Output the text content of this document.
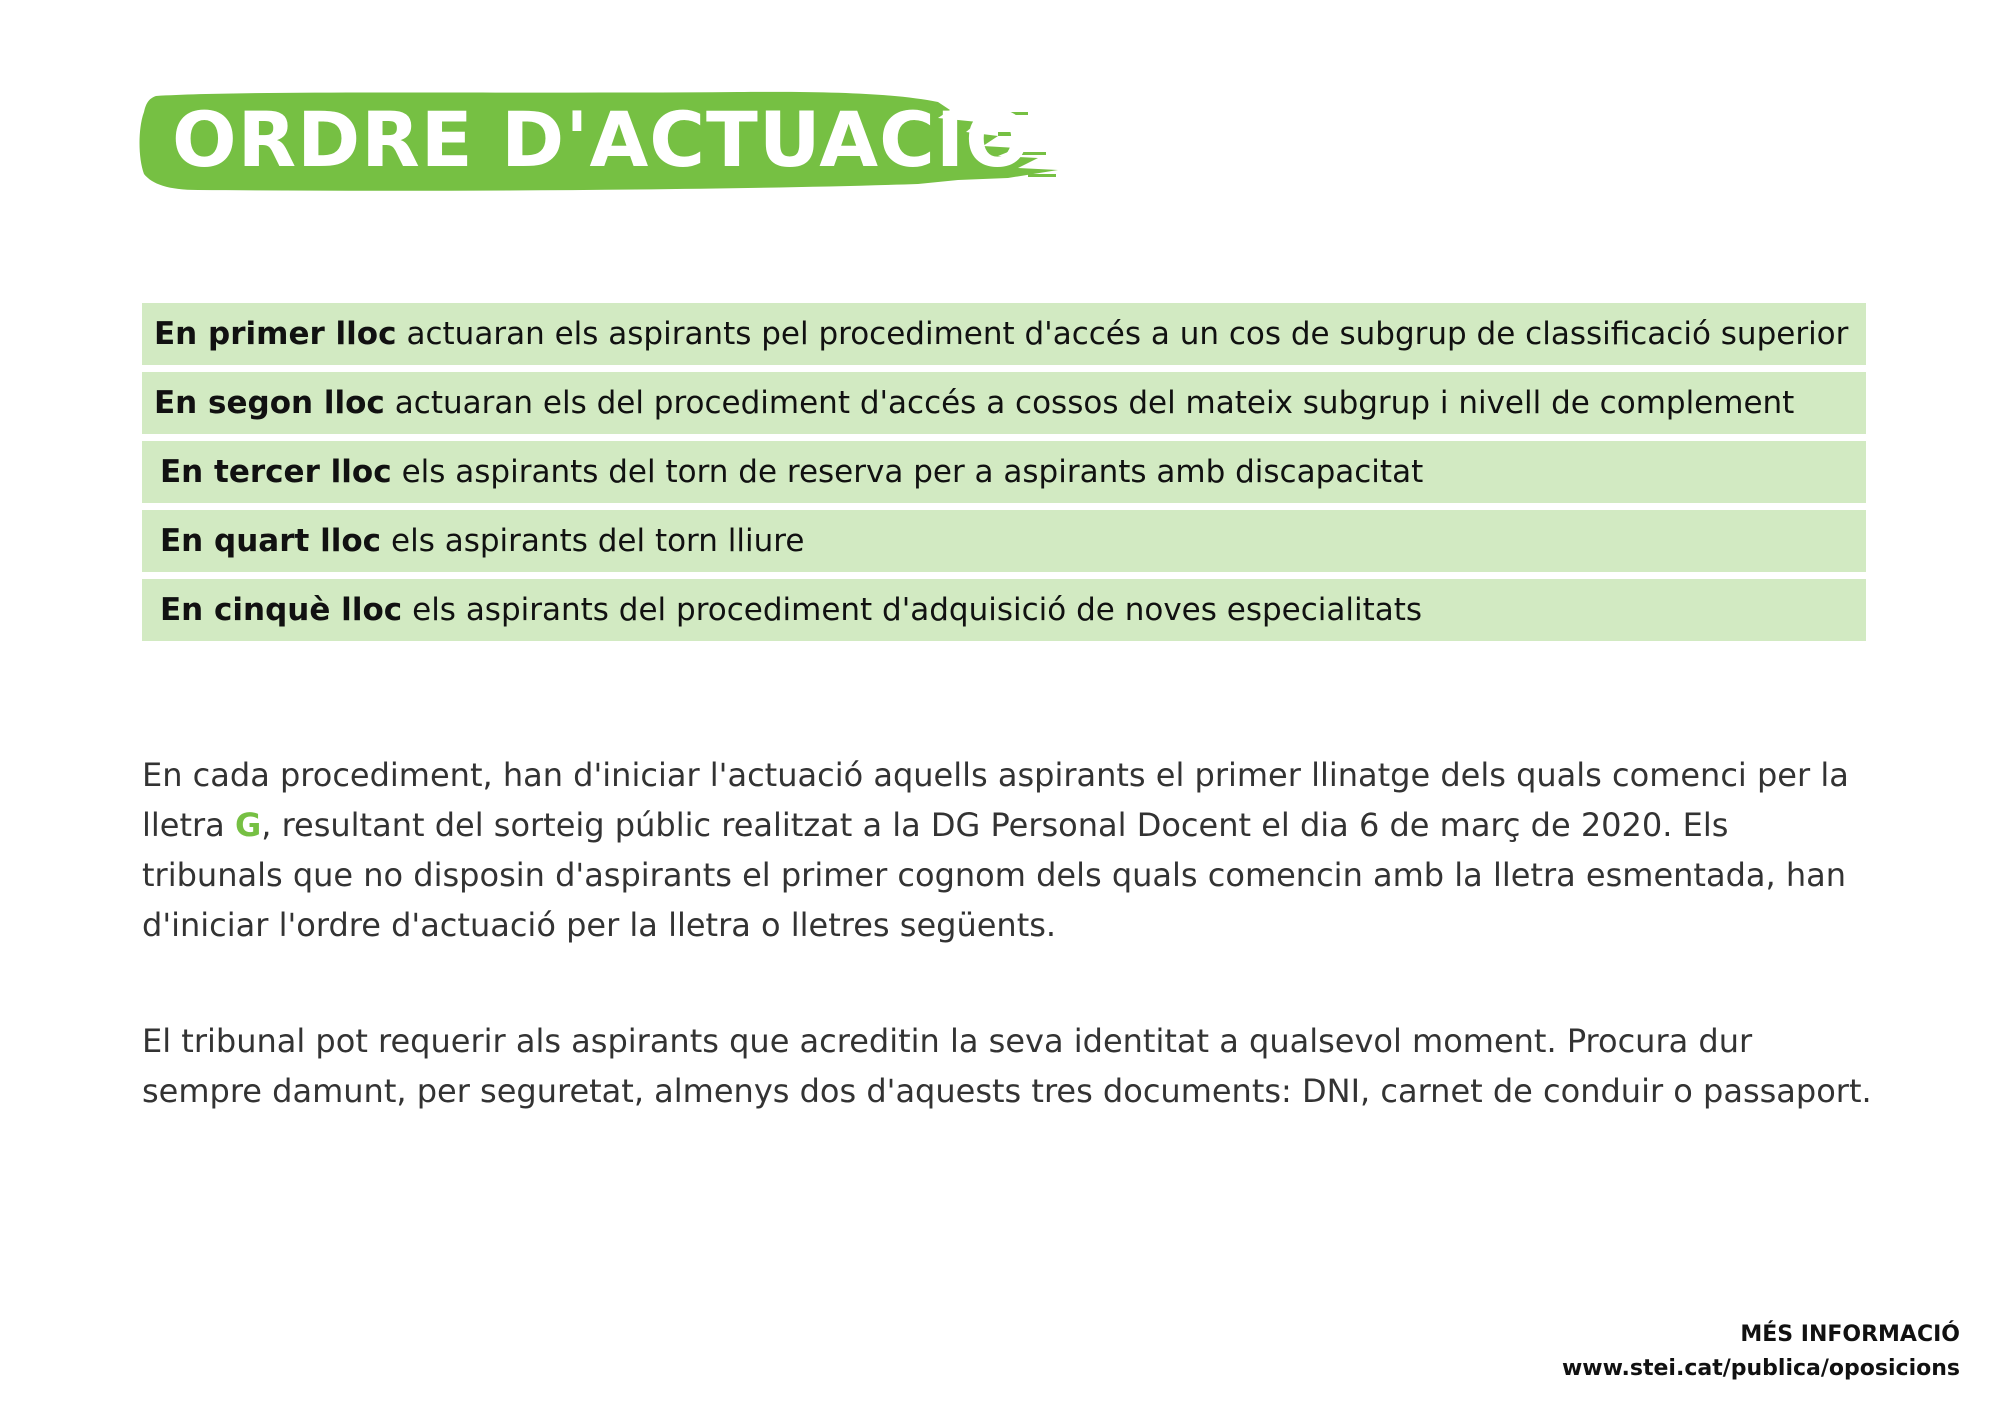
ORDRE D'ACTUACIÓ
En primer lloc actuaran els aspirants pel procediment d'accés a un cos de subgrup de classificació superior
En segon lloc actuaran els del procediment d'accés a cossos del mateix subgrup i nivell de complement
En tercer lloc els aspirants del torn de reserva per a aspirants amb discapacitat
En quart lloc els aspirants del torn lliure
En cinquè lloc els aspirants del procediment d'adquisició de noves especialitats

En cada procediment, han d'iniciar l'actuació aquells aspirants el primer llinatge dels quals comenci per la lletra G, resultant del sorteig públic realitzat a la DG Personal Docent el dia 6 de març de 2020. Els tribunals que no disposin d'aspirants el primer cognom dels quals comencin amb la lletra esmentada, han d'iniciar l'ordre d'actuació per la lletra o lletres següents.

El tribunal pot requerir als aspirants que acreditin la seva identitat a qualsevol moment. Procura dur sempre damunt, per seguretat, almenys dos d'aquests tres documents: DNI, carnet de conduir o passaport.

MÉS INFORMACIÓ
www.stei.cat/publica/oposicions
